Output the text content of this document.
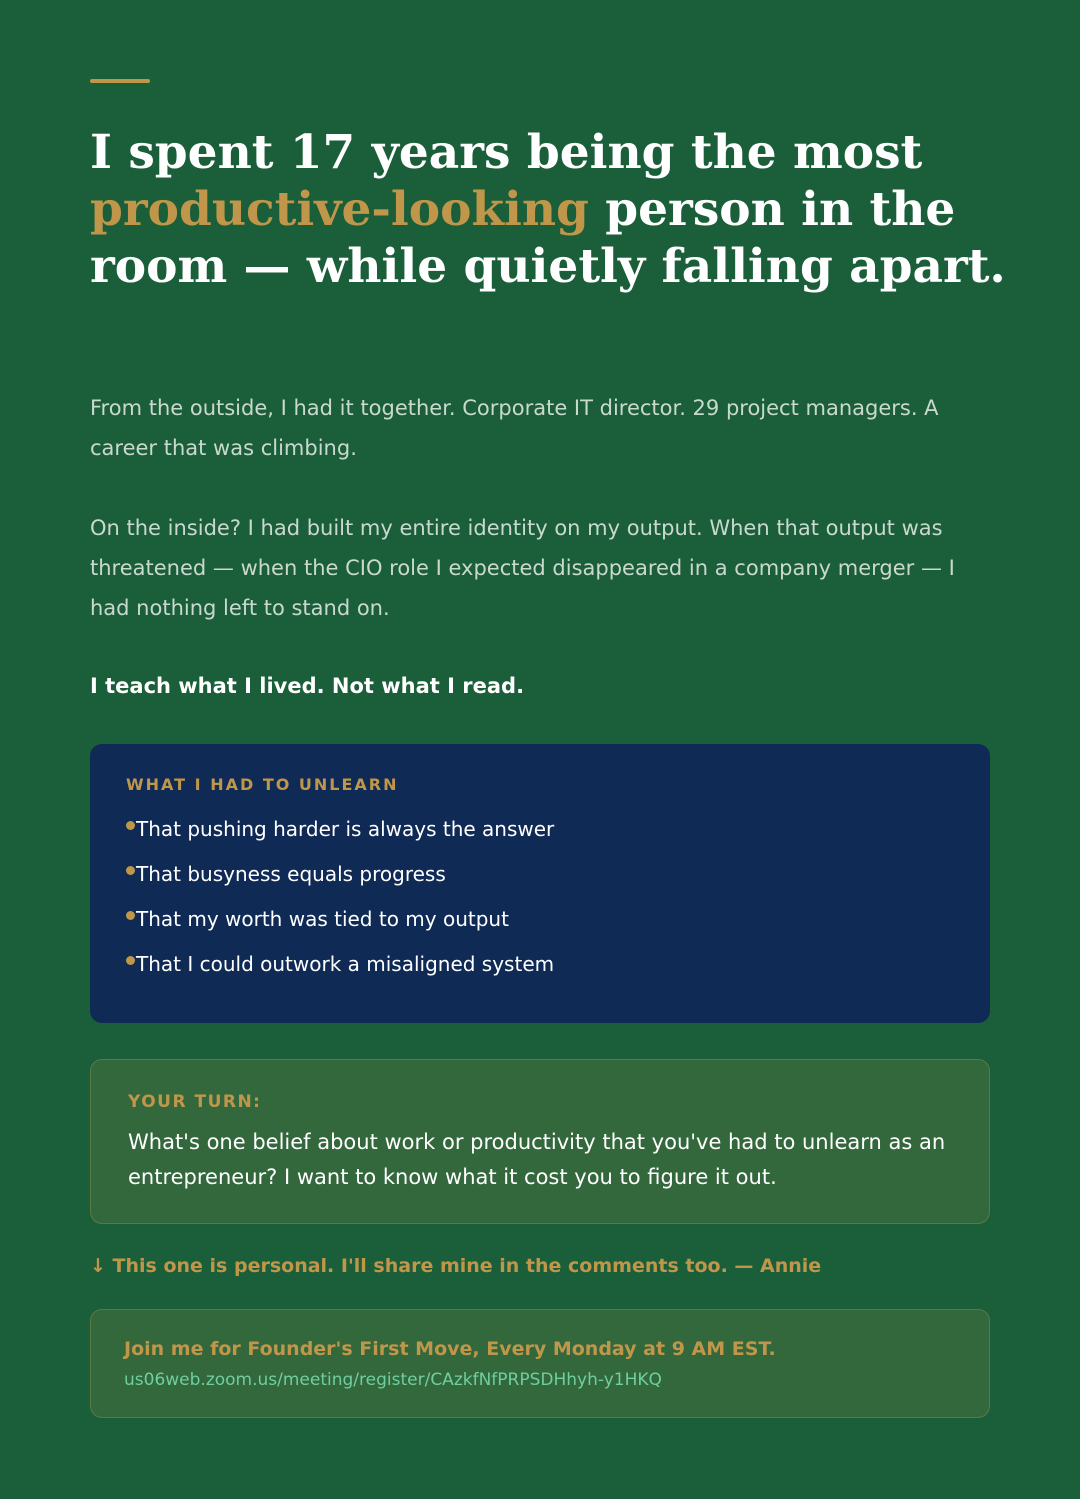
I spent 17 years being the most productive-looking person in the room — while quietly falling apart.

From the outside, I had it together. Corporate IT director. 29 project managers. A career that was climbing.

On the inside? I had built my entire identity on my output. When that output was threatened — when the CIO role I expected disappeared in a company merger — I had nothing left to stand on.

I teach what I lived. Not what I read.

WHAT I HAD TO UNLEARN
That pushing harder is always the answer
That busyness equals progress
That my worth was tied to my output
That I could outwork a misaligned system
YOUR TURN:

What's one belief about work or productivity that you've had to unlearn as an entrepreneur? I want to know what it cost you to figure it out.

↓ This one is personal. I'll share mine in the comments too. — Annie

Join me for Founder's First Move, Every Monday at 9 AM EST.
us06web.zoom.us/meeting/register/CAzkfNfPRPSDHhyh-y1HKQ
